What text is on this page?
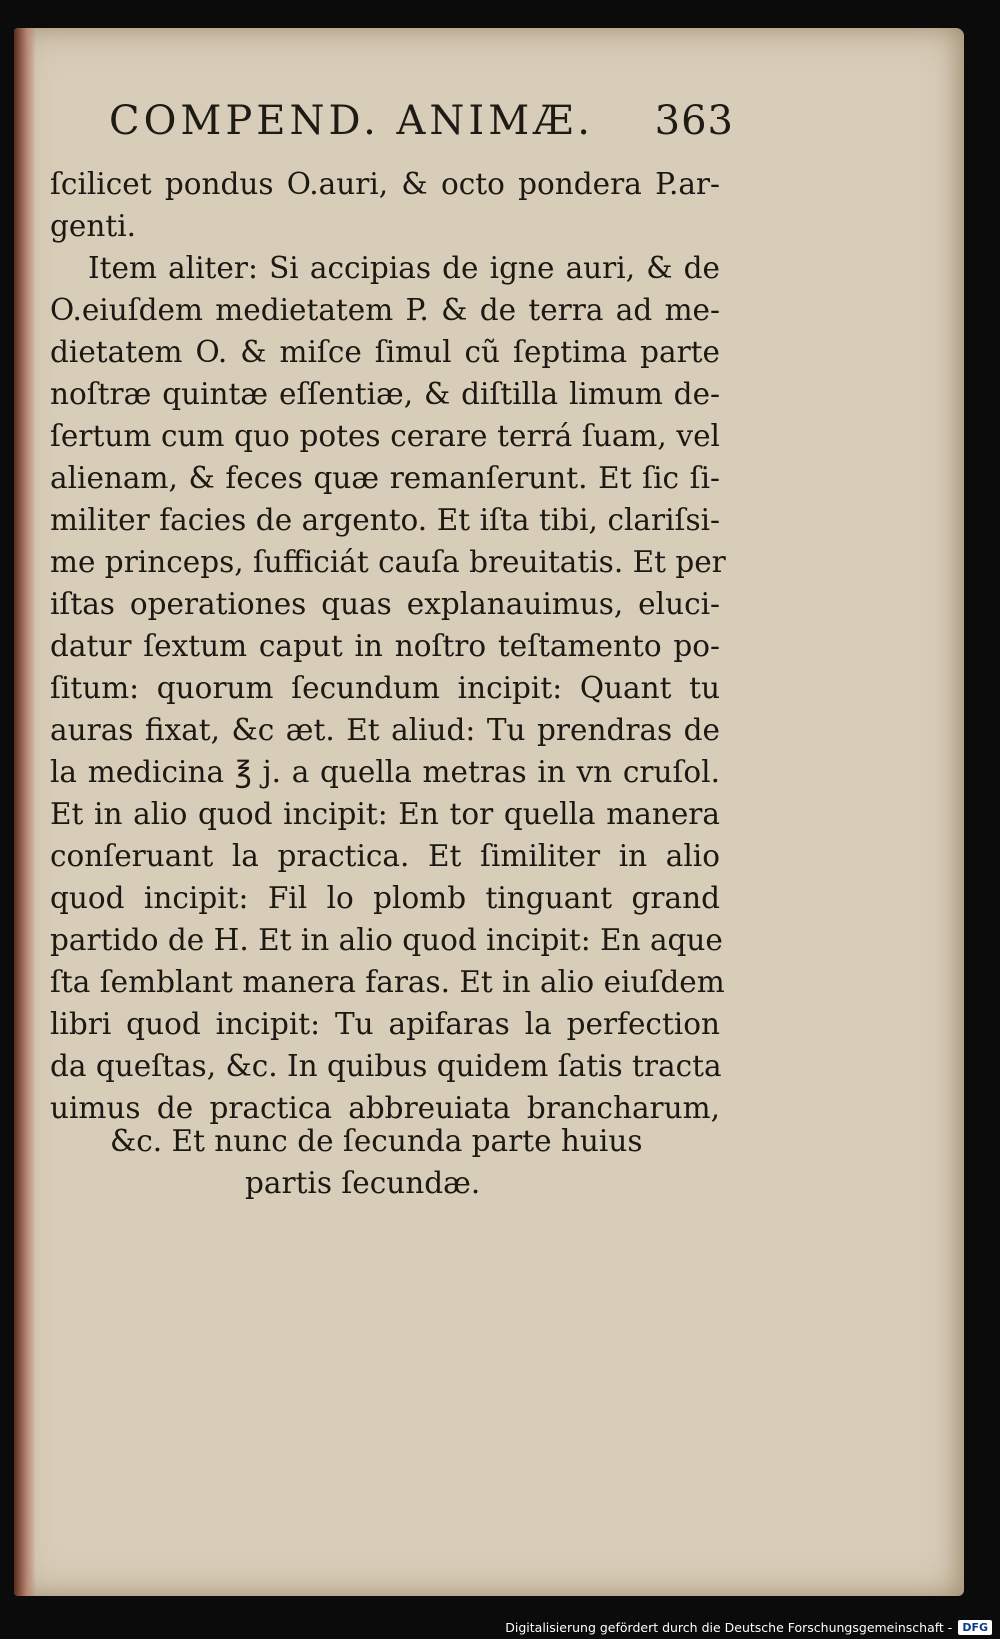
COMPEND. ANIMÆ. 363
ſcilicet pondus O.auri, & octo pondera P.ar-
genti.
Item aliter: Si accipias de igne auri, & de
O.eiuſdem medietatem P. & de terra ad me-
dietatem O. & miſce ſimul cũ ſeptima parte
noſtræ quintæ eſſentiæ, & diſtilla limum de-
ſertum cum quo potes cerare terrá ſuam, vel
alienam, & feces quæ remanſerunt. Et ſic ſi-
militer facies de argento. Et iſta tibi, clariſsi-
me princeps, ſufficiát cauſa breuitatis. Et per
iſtas operationes quas explanauimus, eluci-
datur ſextum caput in noſtro teſtamento po-
ſitum: quorum ſecundum incipit: Quant tu
auras fixat, &c æt. Et aliud: Tu prendras de
la medicina ℥ j. a quella metras in vn cruſol.
Et in alio quod incipit: En tor quella manera
conſeruant la practica. Et ſimiliter in alio
quod incipit: Fil lo plomb tinguant grand
partido de H. Et in alio quod incipit: En aque
ſta ſemblant manera faras. Et in alio eiuſdem
libri quod incipit: Tu apifaras la perfection
da queſtas, &c. In quibus quidem ſatis tracta
uimus de practica abbreuiata brancharum,
&c. Et nunc de ſecunda parte huius
partis ſecundæ.
Digitalisierung gefördert durch die Deutsche Forschungsgemeinschaft - DFG
